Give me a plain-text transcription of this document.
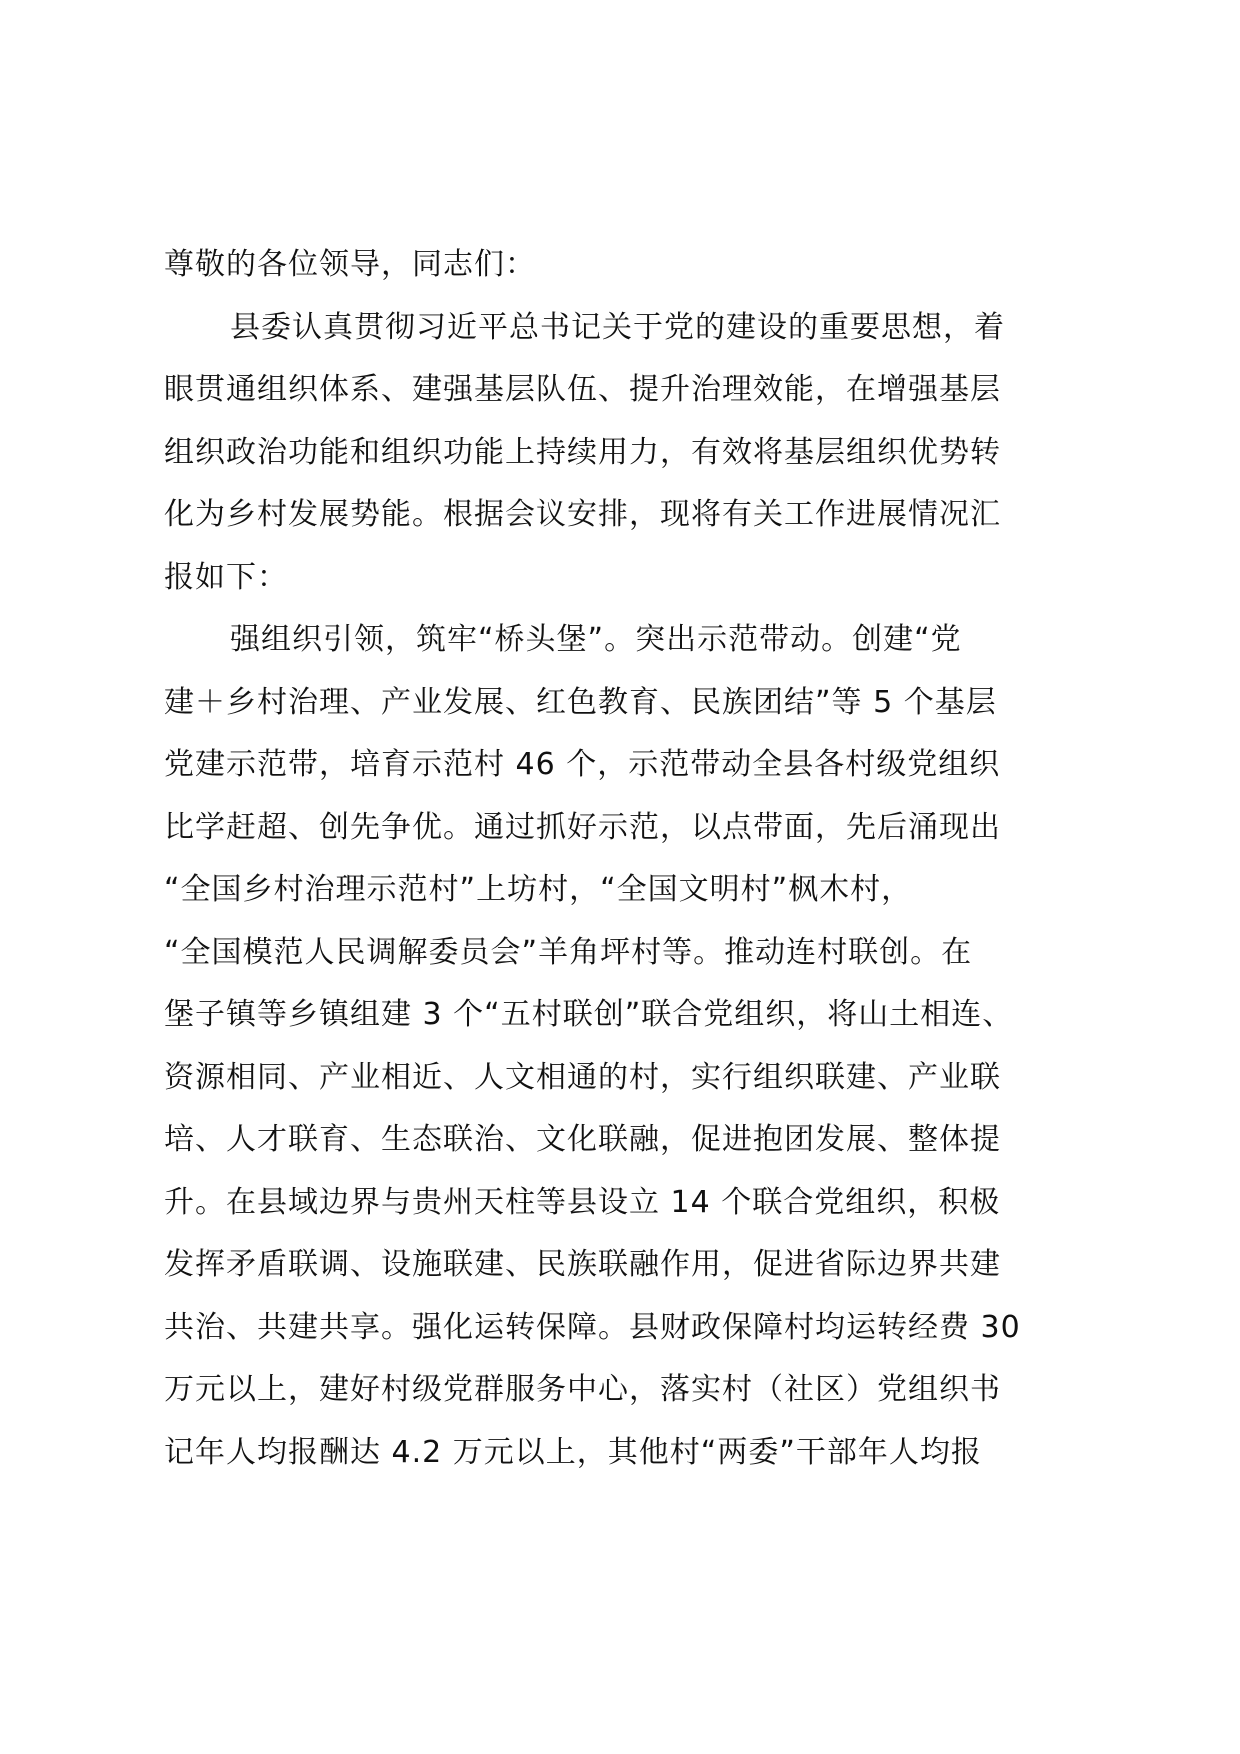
尊敬的各位领导，同志们：
县委认真贯彻习近平总书记关于党的建设的重要思想，着
眼贯通组织体系、建强基层队伍、提升治理效能，在增强基层
组织政治功能和组织功能上持续用力，有效将基层组织优势转
化为乡村发展势能。根据会议安排，现将有关工作进展情况汇
报如下：
强组织引领，筑牢“桥头堡”。突出示范带动。创建“党
建＋乡村治理、产业发展、红色教育、民族团结”等 5 个基层
党建示范带，培育示范村 46 个，示范带动全县各村级党组织
比学赶超、创先争优。通过抓好示范，以点带面，先后涌现出
“全国乡村治理示范村”上坊村，“全国文明村”枫木村，
“全国模范人民调解委员会”羊角坪村等。推动连村联创。在
堡子镇等乡镇组建 3 个“五村联创”联合党组织，将山土相连、
资源相同、产业相近、人文相通的村，实行组织联建、产业联
培、人才联育、生态联治、文化联融，促进抱团发展、整体提
升。在县域边界与贵州天柱等县设立 14 个联合党组织，积极
发挥矛盾联调、设施联建、民族联融作用，促进省际边界共建
共治、共建共享。强化运转保障。县财政保障村均运转经费 30
万元以上，建好村级党群服务中心，落实村（社区）党组织书
记年人均报酬达 4.2 万元以上，其他村“两委”干部年人均报
